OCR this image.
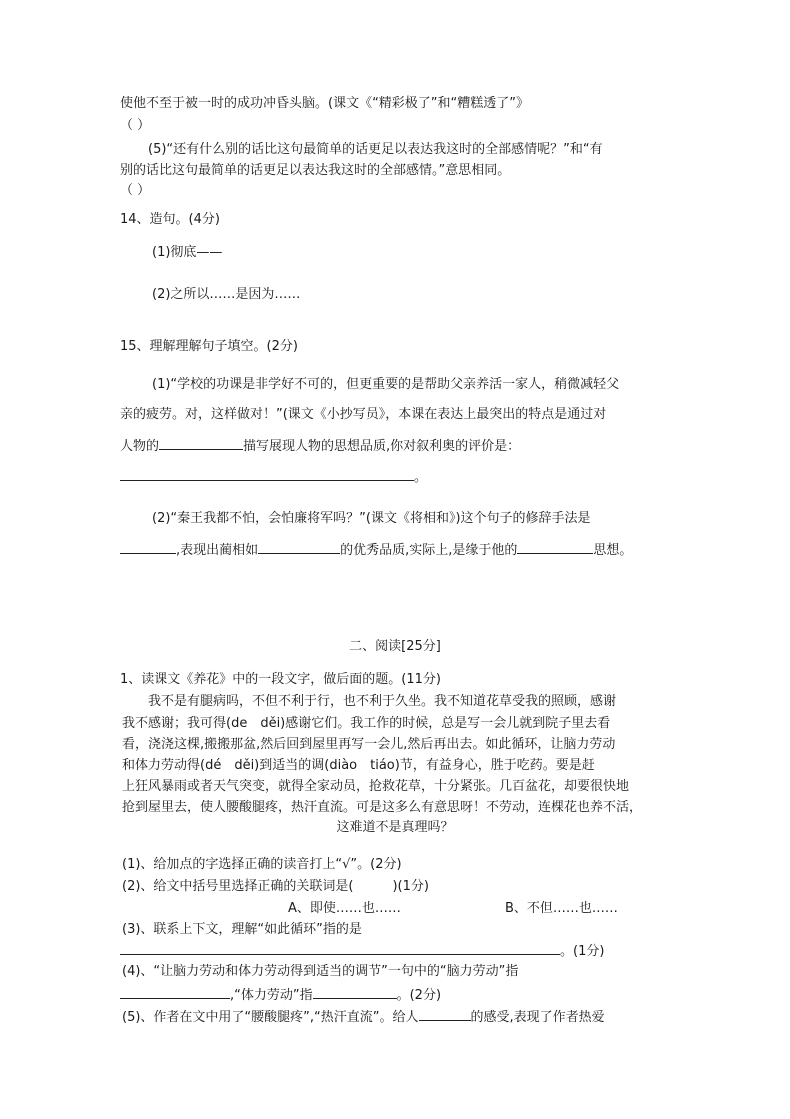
使他不至于被一时的成功冲昏头脑。(课文《“精彩极了”和“糟糕透了”》
（ ）
(5)“还有什么别的话比这句最简单的话更足以表达我这时的全部感情呢？”和“有
别的话比这句最简单的话更足以表达我这时的全部感情。”意思相同。
（ ）
14、造句。(4分)
(1)彻底——
(2)之所以……是因为……
15、理解理解句子填空。(2分)
(1)“学校的功课是非学好不可的，但更重要的是帮助父亲养活一家人，稍微减轻父
亲的疲劳。对，这样做对！”(课文《小抄写员》，本课在表达上最突出的特点是通过对
人物的	描写展现人物的思想品质,你对叙利奥的评价是：
。
(2)“秦王我都不怕，会怕廉将军吗？”(课文《将相和》)这个句子的修辞手法是
,表现出蔺相如	的优秀品质,实际上,是缘于他的	思想。
二、阅读[25分]
1、读课文《养花》中的一段文字，做后面的题。(11分)
我不是有腿病吗，不但不利于行，也不利于久坐。我不知道花草受我的照顾，感谢
我不感谢；我可得(de　děi)感谢它们。我工作的时候，总是写一会儿就到院子里去看
看，浇浇这棵,搬搬那盆,然后回到屋里再写一会儿,然后再出去。如此循环，让脑力劳动
和体力劳动得(dé　děi)到适当的调(diào　tiáo)节，有益身心，胜于吃药。要是赶
上狂风暴雨或者天气突变，就得全家动员，抢救花草，十分紧张。几百盆花，却要很快地
抢到屋里去，使人腰酸腿疼，热汗直流。可是这多么有意思呀！不劳动，连棵花也养不活，
这难道不是真理吗？
(1)、给加点的字选择正确的读音打上“√”。(2分)
(2)、给文中括号里选择正确的关联词是(　　　)(1分)
A、即使……也……	B、不但……也……
(3)、联系上下文，理解“如此循环”指的是
。(1分)
(4)、“让脑力劳动和体力劳动得到适当的调节”一句中的“脑力劳动”指
,“体力劳动”指	。(2分)
(5)、作者在文中用了“腰酸腿疼”,“热汗直流”。给人	的感受,表现了作者热爱
